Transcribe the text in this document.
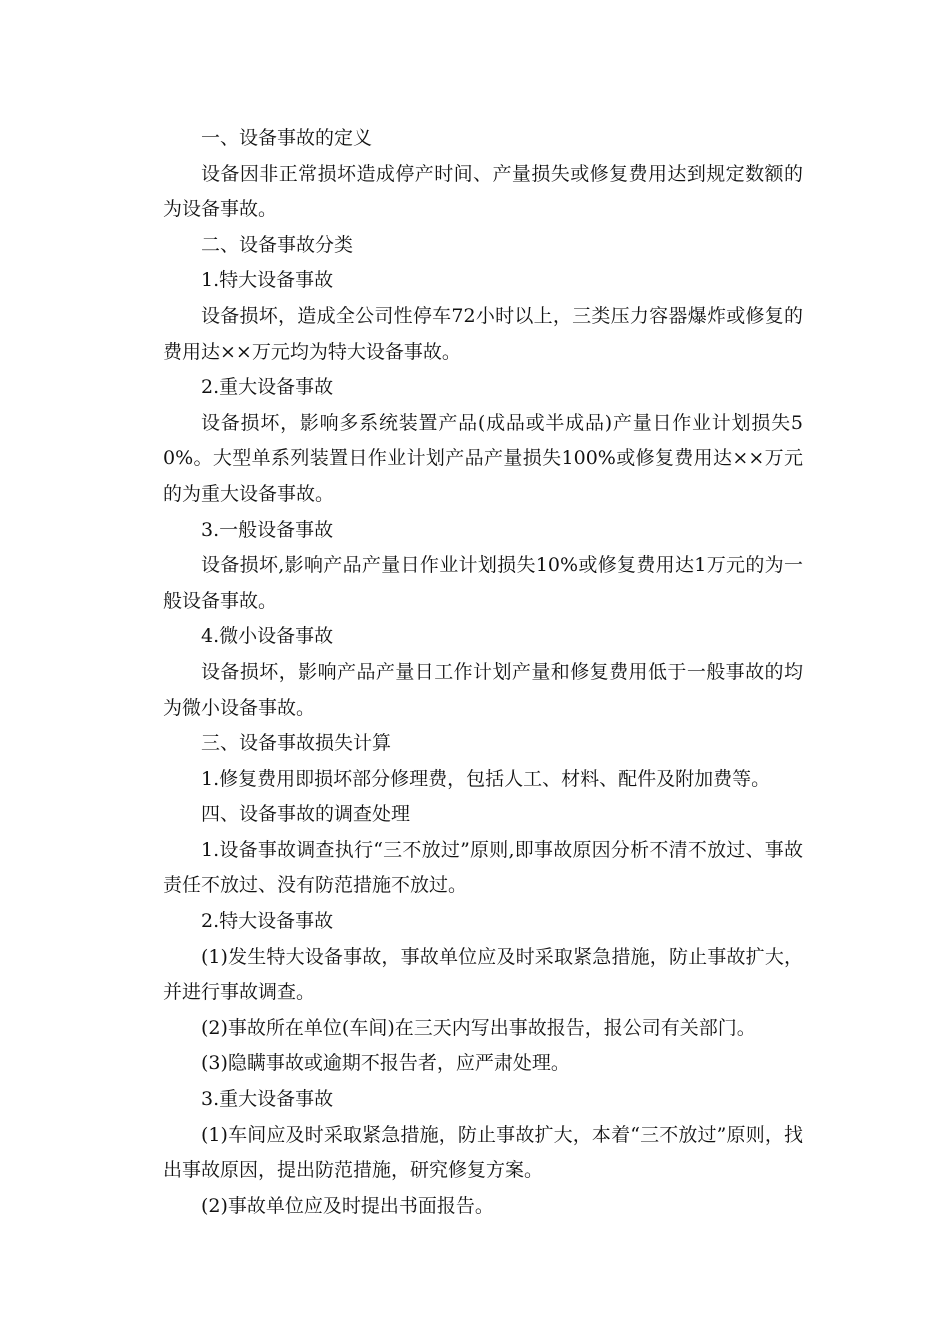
一、设备事故的定义

设备因非正常损坏造成停产时间、产量损失或修复费用达到规定数额的为设备事故。

二、设备事故分类

1.特大设备事故

设备损坏，造成全公司性停车72小时以上，三类压力容器爆炸或修复的费用达××万元均为特大设备事故。

2.重大设备事故

设备损坏，影响多系统装置产品(成品或半成品)产量日作业计划损失50%。大型单系列装置日作业计划产品产量损失100%或修复费用达××万元的为重大设备事故。

3.一般设备事故

设备损坏,影响产品产量日作业计划损失10%或修复费用达1万元的为一般设备事故。

4.微小设备事故

设备损坏，影响产品产量日工作计划产量和修复费用低于一般事故的均为微小设备事故。

三、设备事故损失计算

1.修复费用即损坏部分修理费，包括人工、材料、配件及附加费等。

四、设备事故的调查处理

1.设备事故调查执行“三不放过”原则,即事故原因分析不清不放过、事故责任不放过、没有防范措施不放过。

2.特大设备事故

(1)发生特大设备事故，事故单位应及时采取紧急措施，防止事故扩大，并进行事故调查。

(2)事故所在单位(车间)在三天内写出事故报告，报公司有关部门。

(3)隐瞒事故或逾期不报告者，应严肃处理。

3.重大设备事故

(1)车间应及时采取紧急措施，防止事故扩大，本着“三不放过”原则，找出事故原因，提出防范措施，研究修复方案。

(2)事故单位应及时提出书面报告。
